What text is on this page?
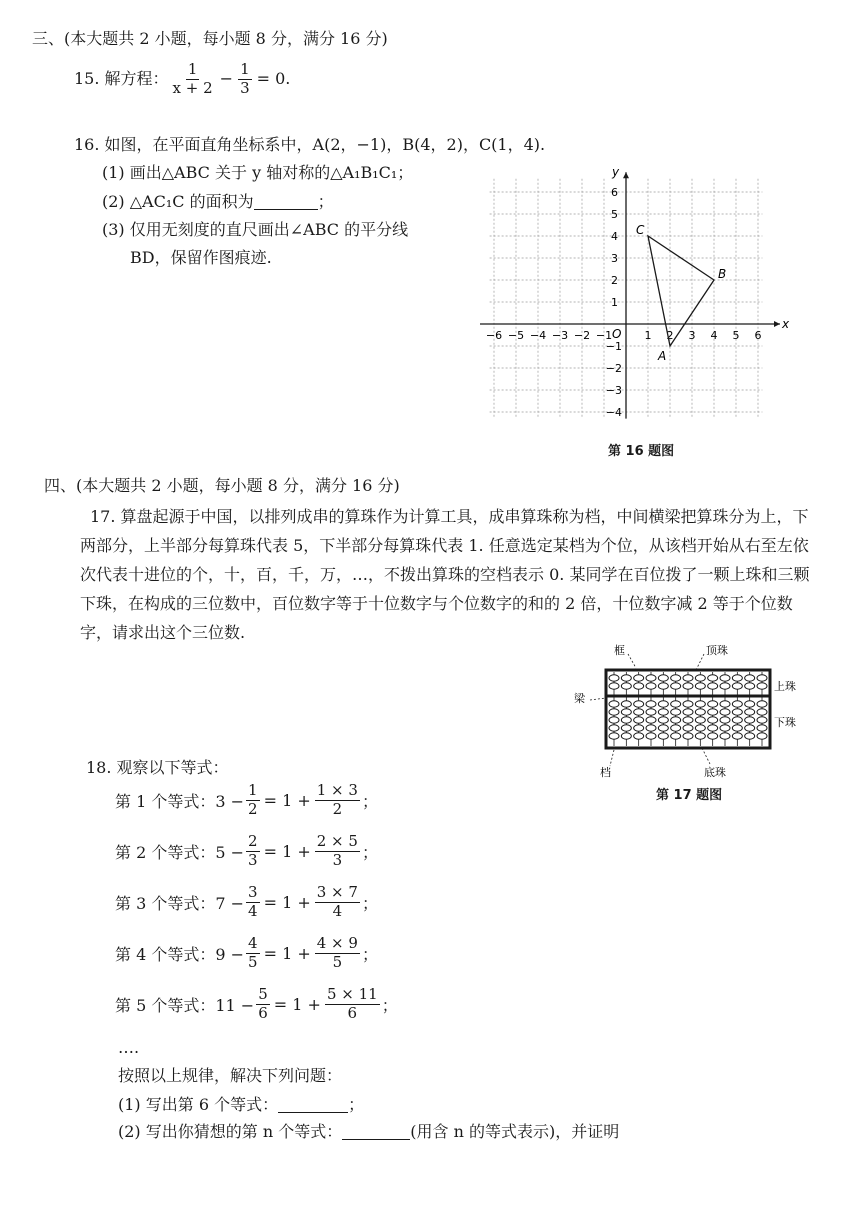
三、(本大题共 2 小题，每小题 8 分，满分 16 分)
15. 解方程： $\frac{1}{x + 2} - \frac{1}{3} = 0$.
16. 如图，在平面直角坐标系中，A(2，−1)，B(4，2)，C(1，4).
(1) 画出△ABC 关于 y 轴对称的△A₁B₁C₁；
(2) △AC₁C 的面积为	；
(3) 仅用无刻度的直尺画出∠ABC 的平分线
BD，保留作图痕迹.
−6 −5 −4 −3 −2 −1	1 2 3 4 5 6
6
5
4
3
2
1
−1
−2
−3
−4
A
B
C
O
x
y
第 16 题图
四、(本大题共 2 小题，每小题 8 分，满分 16 分)
17. 算盘起源于中国，以排列成串的算珠作为计算工具，成串算珠称为档，中间横梁把算珠分为上，下两部分，上半部分每算珠代表 5，下半部分每算珠代表 1. 任意选定某档为个位，从该档开始从右至左依次代表十进位的个，十，百，千，万，…，不拨出算珠的空档表示 0. 某同学在百位拨了一颗上珠和三颗下珠，在构成的三位数中，百位数字等于十位数字与个位数字的和的 2 倍，十位数字减 2 等于个位数字，请求出这个三位数.
框	顶珠
上珠
梁
下珠
档	底珠
第 17 题图
18. 观察以下等式：
第 1 个等式：$3 - \frac{1}{2} = 1 + \frac{1 \times 3}{2}$ ；
第 2 个等式：$5 - \frac{2}{3} = 1 + \frac{2 \times 5}{3}$ ；
第 3 个等式：$7 - \frac{3}{4} = 1 + \frac{3 \times 7}{4}$ ；
第 4 个等式：$9 - \frac{4}{5} = 1 + \frac{4 \times 9}{5}$ ；
第 5 个等式：$11 - \frac{5}{6} = 1 + \frac{5 \times 11}{6}$ ；
….
按照以上规律，解决下列问题：
(1) 写出第 6 个等式：	；
(2) 写出你猜想的第 n 个等式：	(用含 n 的等式表示)，并证明
